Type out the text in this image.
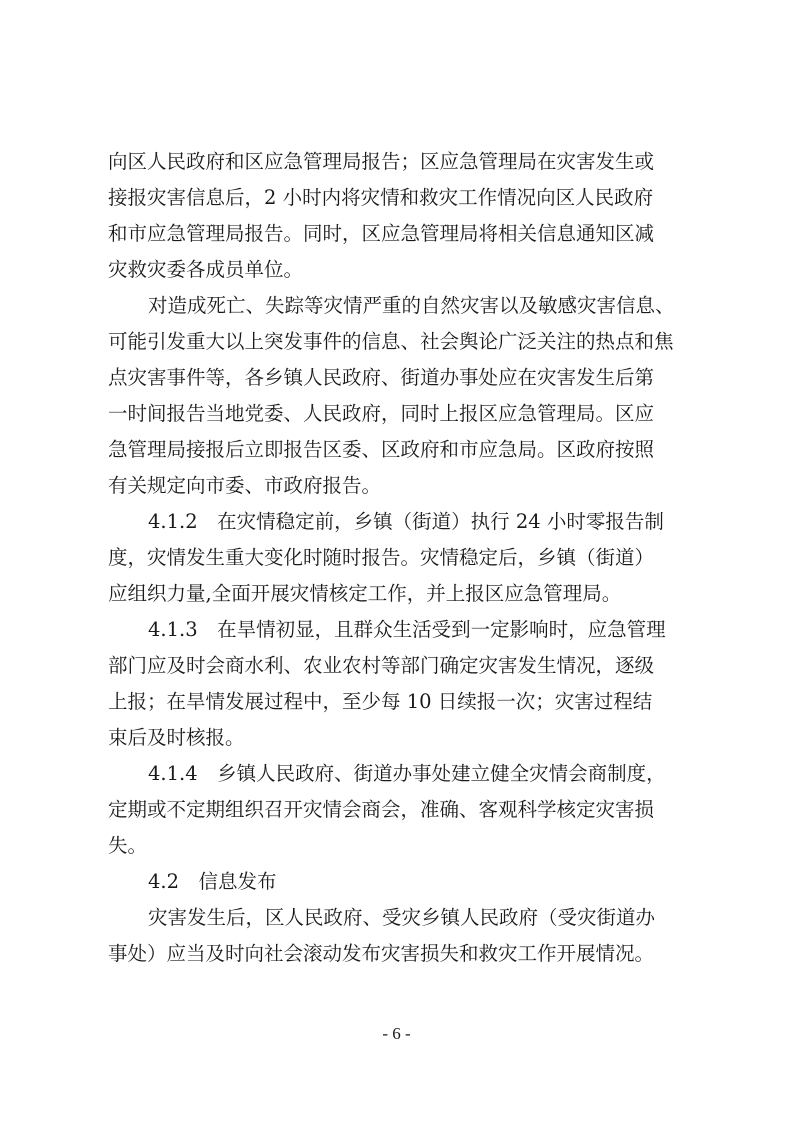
向区人民政府和区应急管理局报告；区应急管理局在灾害发生或
接报灾害信息后，2 小时内将灾情和救灾工作情况向区人民政府
和市应急管理局报告。同时，区应急管理局将相关信息通知区减
灾救灾委各成员单位。
对造成死亡、失踪等灾情严重的自然灾害以及敏感灾害信息、
可能引发重大以上突发事件的信息、社会舆论广泛关注的热点和焦
点灾害事件等，各乡镇人民政府、街道办事处应在灾害发生后第
一时间报告当地党委、人民政府，同时上报区应急管理局。区应
急管理局接报后立即报告区委、区政府和市应急局。区政府按照
有关规定向市委、市政府报告。
4.1.2　在灾情稳定前，乡镇（街道）执行 24 小时零报告制
度，灾情发生重大变化时随时报告。灾情稳定后，乡镇（街道）
应组织力量,全面开展灾情核定工作，并上报区应急管理局。
4.1.3　在旱情初显，且群众生活受到一定影响时，应急管理
部门应及时会商水利、农业农村等部门确定灾害发生情况，逐级
上报；在旱情发展过程中，至少每 10 日续报一次；灾害过程结
束后及时核报。
4.1.4　乡镇人民政府、街道办事处建立健全灾情会商制度，
定期或不定期组织召开灾情会商会，准确、客观科学核定灾害损
失。
4.2　信息发布
灾害发生后，区人民政府、受灾乡镇人民政府（受灾街道办
事处）应当及时向社会滚动发布灾害损失和救灾工作开展情况。
- 6 -
